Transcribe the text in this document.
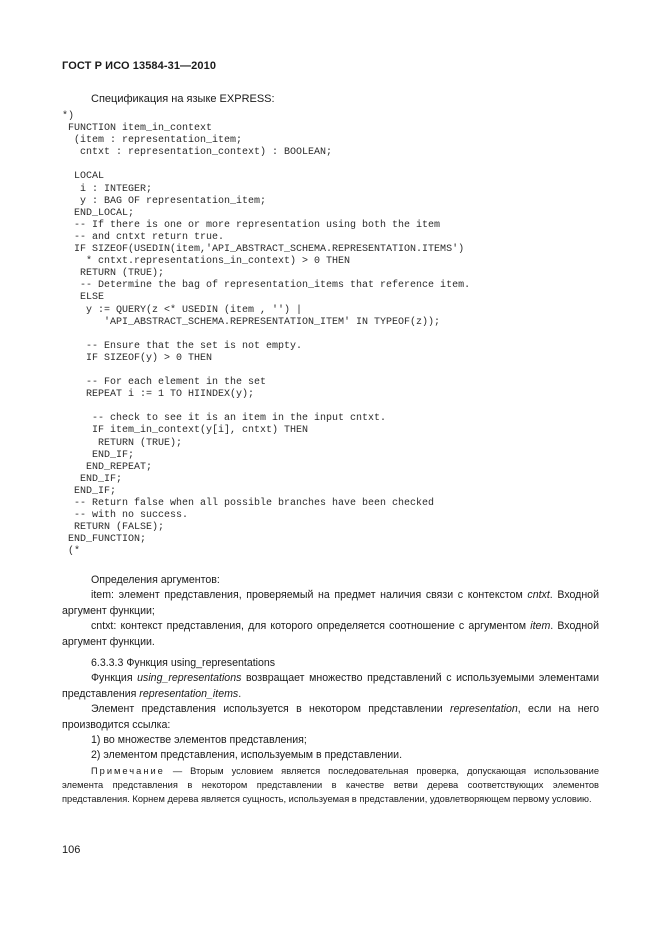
ГОСТ Р ИСО 13584-31—2010
Спецификация на языке EXPRESS:
*)
FUNCTION item_in_context
(item : representation_item;
cntxt : representation_context) : BOOLEAN;
LOCAL
i : INTEGER;
y : BAG OF representation_item;
END_LOCAL;
-- If there is one or more representation using both the item
-- and cntxt return true.
IF SIZEOF(USEDIN(item,'API_ABSTRACT_SCHEMA.REPRESENTATION.ITEMS')
* cntxt.representations_in_context) > 0 THEN
RETURN (TRUE);
-- Determine the bag of representation_items that reference item.
ELSE
y := QUERY(z <* USEDIN (item , '') |
'API_ABSTRACT_SCHEMA.REPRESENTATION_ITEM' IN TYPEOF(z));
-- Ensure that the set is not empty.
IF SIZEOF(y) > 0 THEN
-- For each element in the set
REPEAT i := 1 TO HIINDEX(y);
-- check to see it is an item in the input cntxt.
IF item_in_context(y[i], cntxt) THEN
RETURN (TRUE);
END_IF;
END_REPEAT;
END_IF;
END_IF;
-- Return false when all possible branches have been checked
-- with no success.
RETURN (FALSE);
END_FUNCTION;
(*

Определения аргументов:

item: элемент представления, проверяемый на предмет наличия связи с контекстом cntxt. Входной аргумент функции;

cntxt: контекст представления, для которого определяется соотношение с аргументом item. Входной аргумент функции.

6.3.3.3 Функция using_representations

Функция using_representations возвращает множество представлений с используемыми элементами представления representation_items.

Элемент представления используется в некотором представлении representation, если на него производится ссылка:

1) во множестве элементов представления;

2) элементом представления, используемым в представлении.

Примечание — Вторым условием является последовательная проверка, допускающая использование элемента представления в некотором представлении в качестве ветви дерева соответствующих элементов представления. Корнем дерева является сущность, используемая в представлении, удовлетворяющем первому условию.

106
